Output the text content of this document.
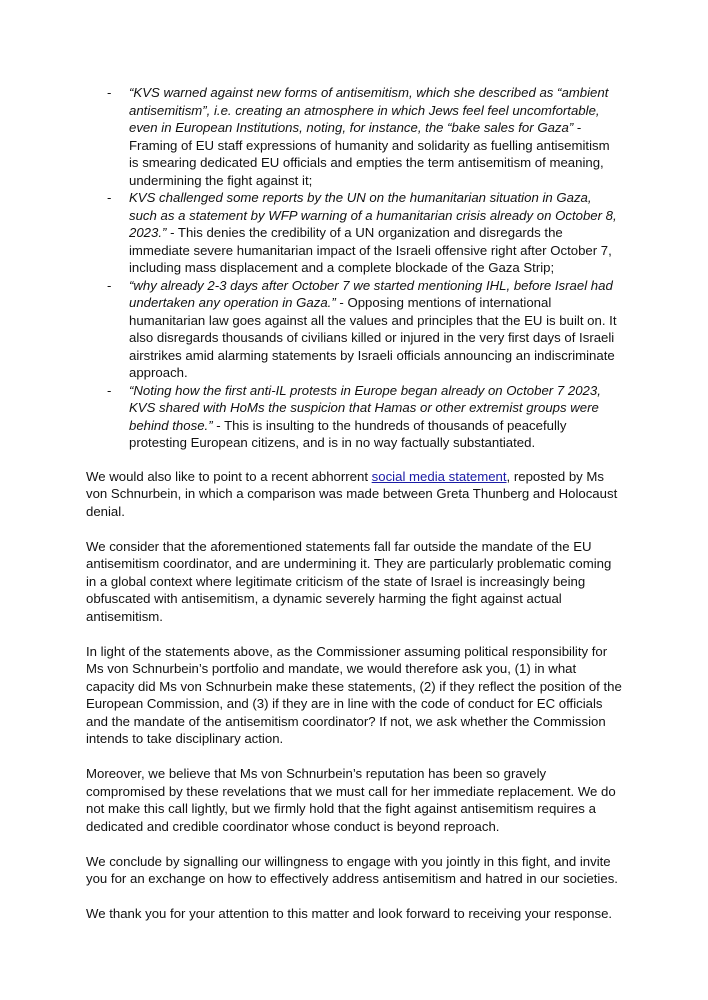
- “KVS warned against new forms of antisemitism, which she described as “ambient antisemitism”, i.e. creating an atmosphere in which Jews feel feel uncomfortable, even in European Institutions, noting, for instance, the “bake sales for Gaza” - Framing of EU staff expressions of humanity and solidarity as fuelling antisemitism is smearing dedicated EU officials and empties the term antisemitism of meaning, undermining the fight against it;
- KVS challenged some reports by the UN on the humanitarian situation in Gaza, such as a statement by WFP warning of a humanitarian crisis already on October 8, 2023.” - This denies the credibility of a UN organization and disregards the immediate severe humanitarian impact of the Israeli offensive right after October 7, including mass displacement and a complete blockade of the Gaza Strip;
- “why already 2-3 days after October 7 we started mentioning IHL, before Israel had undertaken any operation in Gaza.” - Opposing mentions of international humanitarian law goes against all the values and principles that the EU is built on. It also disregards thousands of civilians killed or injured in the very first days of Israeli airstrikes amid alarming statements by Israeli officials announcing an indiscriminate approach.
- “Noting how the first anti-IL protests in Europe began already on October 7 2023, KVS shared with HoMs the suspicion that Hamas or other extremist groups were behind those.” - This is insulting to the hundreds of thousands of peacefully protesting European citizens, and is in no way factually substantiated.

We would also like to point to a recent abhorrent social media statement, reposted by Ms von Schnurbein, in which a comparison was made between Greta Thunberg and Holocaust denial.

We consider that the aforementioned statements fall far outside the mandate of the EU antisemitism coordinator, and are undermining it. They are particularly problematic coming in a global context where legitimate criticism of the state of Israel is increasingly being obfuscated with antisemitism, a dynamic severely harming the fight against actual antisemitism.

In light of the statements above, as the Commissioner assuming political responsibility for Ms von Schnurbein’s portfolio and mandate, we would therefore ask you, (1) in what capacity did Ms von Schnurbein make these statements, (2) if they reflect the position of the European Commission, and (3) if they are in line with the code of conduct for EC officials and the mandate of the antisemitism coordinator? If not, we ask whether the Commission intends to take disciplinary action.

Moreover, we believe that Ms von Schnurbein’s reputation has been so gravely compromised by these revelations that we must call for her immediate replacement. We do not make this call lightly, but we firmly hold that the fight against antisemitism requires a dedicated and credible coordinator whose conduct is beyond reproach.

We conclude by signalling our willingness to engage with you jointly in this fight, and invite you for an exchange on how to effectively address antisemitism and hatred in our societies.

We thank you for your attention to this matter and look forward to receiving your response.
